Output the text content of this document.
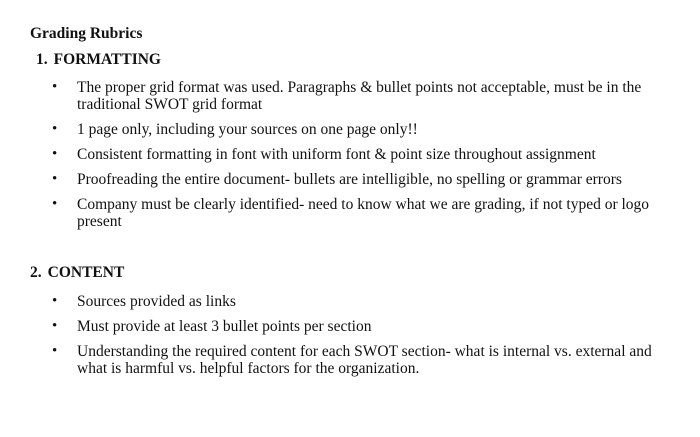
Grading Rubrics
1. FORMATTING
•	The proper grid format was used. Paragraphs & bullet points not acceptable, must be in the traditional SWOT grid format
•	1 page only, including your sources on one page only!!
•	Consistent formatting in font with uniform font & point size throughout assignment
•	Proofreading the entire document- bullets are intelligible, no spelling or grammar errors
•	Company must be clearly identified- need to know what we are grading, if not typed or logo present
2. CONTENT
•	Sources provided as links
•	Must provide at least 3 bullet points per section
•	Understanding the required content for each SWOT section- what is internal vs. external and what is harmful vs. helpful factors for the organization.
